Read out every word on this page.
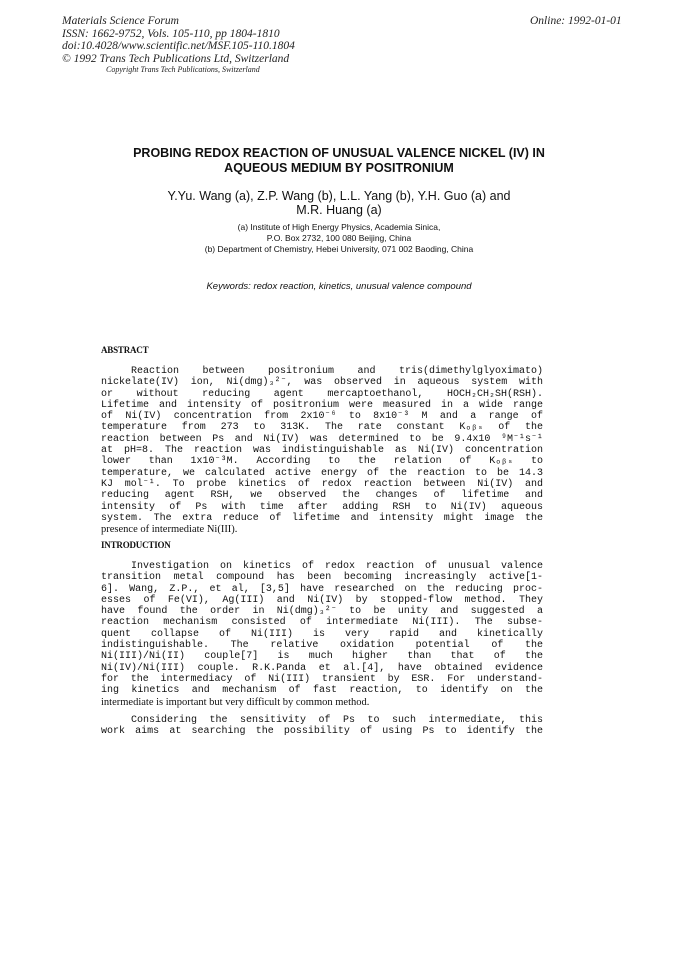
Materials Science Forum
ISSN: 1662-9752, Vols. 105-110, pp 1804-1810
doi:10.4028/www.scientific.net/MSF.105-110.1804
© 1992 Trans Tech Publications Ltd, Switzerland
Copyright Trans Tech Publications, Switzerland
Online: 1992-01-01
PROBING REDOX REACTION OF UNUSUAL VALENCE NICKEL (IV) IN
AQUEOUS MEDIUM BY POSITRONIUM
Y.Yu. Wang (a), Z.P. Wang (b), L.L. Yang (b), Y.H. Guo (a) and
M.R. Huang (a)
(a) Institute of High Energy Physics, Academia Sinica,
P.O. Box 2732, 100 080 Beijing, China
(b) Department of Chemistry, Hebei University, 071 002 Baoding, China
Keywords: redox reaction, kinetics, unusual valence compound
ABSTRACT
Reaction between positronium and tris(dimethylglyoximato)
nickelate(IV) ion, Ni(dmg)₃²⁻, was observed in aqueous system with
or without reducing agent mercaptoethanol, HOCH₂CH₂SH(RSH).
Lifetime and intensity of positronium were measured in a wide range
of Ni(IV) concentration from 2x10⁻⁶ to 8x10⁻³ M and a range of
temperature from 273 to 313K. The rate constant Kₒᵦₛ of the
reaction between Ps and Ni(IV) was determined to be 9.4x10 ⁹M⁻¹s⁻¹
at pH=8. The reaction was indistinguishable as Ni(IV) concentration
lower than 1x10⁻³M. According to the relation of Kₒᵦₛ to
temperature, we calculated active energy of the reaction to be 14.3
KJ mol⁻¹. To probe kinetics of redox reaction between Ni(IV) and
reducing agent RSH, we observed the changes of lifetime and
intensity of Ps with time after adding RSH to Ni(IV) aqueous
system. The extra reduce of lifetime and intensity might image the
presence of intermediate Ni(III).
INTRODUCTION
Investigation on kinetics of redox reaction of unusual valence
transition metal compound has been becoming increasingly active[1-
6]. Wang, Z.P., et al, [3,5] have researched on the reducing proc-
esses of Fe(VI), Ag(III) and Ni(IV) by stopped-flow method. They
have found the order in Ni(dmg)₃²⁻ to be unity and suggested a
reaction mechanism consisted of intermediate Ni(III). The subse-
quent collapse of Ni(III) is very rapid and kinetically
indistinguishable. The relative oxidation potential of the
Ni(III)/Ni(II) couple[7] is much higher than that of the
Ni(IV)/Ni(III) couple. R.K.Panda et al.[4], have obtained evidence
for the intermediacy of Ni(III) transient by ESR. For understand-
ing kinetics and mechanism of fast reaction, to identify on the
intermediate is important but very difficult by common method.
Considering the sensitivity of Ps to such intermediate, this
work aims at searching the possibility of using Ps to identify the
